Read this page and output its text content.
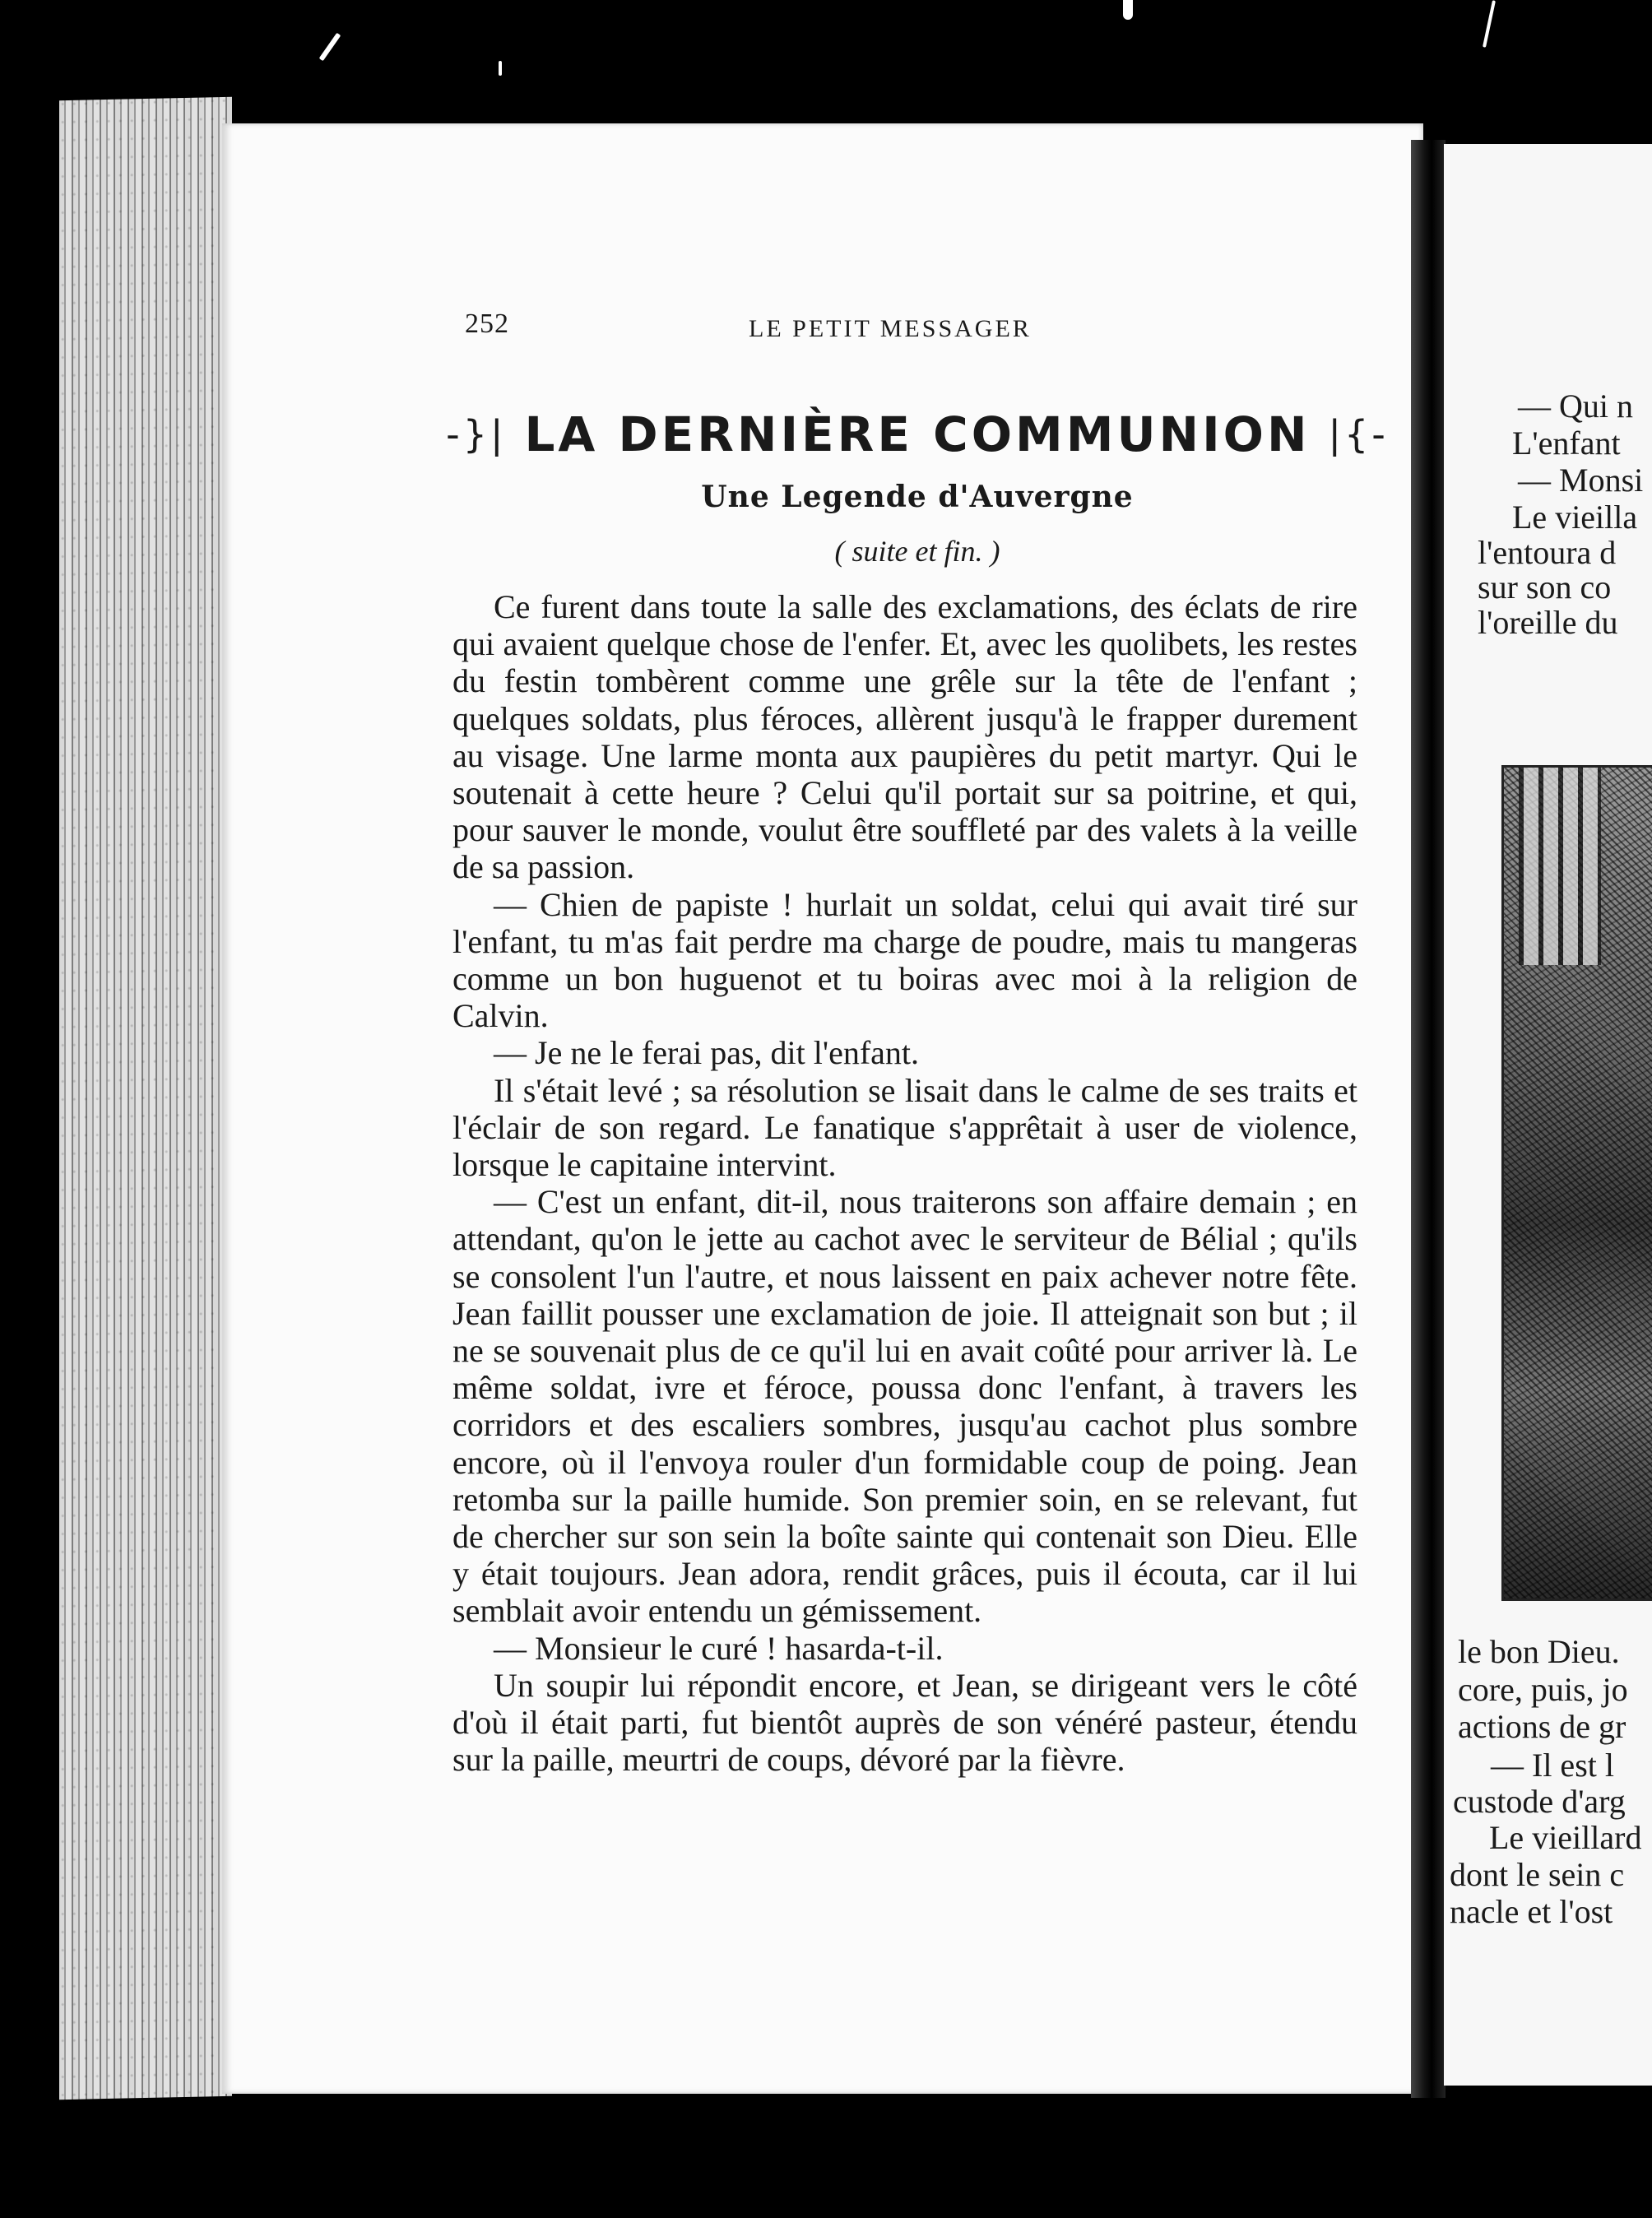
252	LE PETIT MESSAGER
-}| LA DERNIÈRE COMMUNION |{-
Une Legende d'Auvergne
( suite et fin. )

Ce furent dans toute la salle des exclamations, des éclats de rire qui avaient quelque chose de l'enfer. Et, avec les quolibets, les restes du festin tombèrent comme une grêle sur la tête de l'enfant ; quelques soldats, plus féroces, allèrent jusqu'à le frapper durement au visage. Une larme monta aux paupières du petit martyr. Qui le soutenait à cette heure ? Celui qu'il portait sur sa poitrine, et qui, pour sauver le monde, voulut être souffleté par des valets à la veille de sa passion.

— Chien de papiste ! hurlait un soldat, celui qui avait tiré sur l'enfant, tu m'as fait perdre ma charge de poudre, mais tu mangeras comme un bon huguenot et tu boiras avec moi à la religion de Calvin.

— Je ne le ferai pas, dit l'enfant.

Il s'était levé ; sa résolution se lisait dans le calme de ses traits et l'éclair de son regard. Le fanatique s'apprêtait à user de violence, lorsque le capitaine intervint.

— C'est un enfant, dit-il, nous traiterons son affaire demain ; en attendant, qu'on le jette au cachot avec le serviteur de Bélial ; qu'ils se consolent l'un l'autre, et nous laissent en paix achever notre fête. Jean faillit pousser une exclamation de joie. Il atteignait son but ; il ne se souvenait plus de ce qu'il lui en avait coûté pour arriver là. Le même soldat, ivre et féroce, poussa donc l'enfant, à travers les corridors et des escaliers sombres, jusqu'au cachot plus sombre encore, où il l'envoya rouler d'un formidable coup de poing. Jean retomba sur la paille humide. Son premier soin, en se relevant, fut de chercher sur son sein la boîte sainte qui contenait son Dieu. Elle y était toujours. Jean adora, rendit grâces, puis il écouta, car il lui semblait avoir entendu un gémissement.

— Monsieur le curé ! hasarda-t-il.

Un soupir lui répondit encore, et Jean, se dirigeant vers le côté d'où il était parti, fut bientôt auprès de son vénéré pasteur, étendu sur la paille, meurtri de coups, dévoré par la fièvre.

— Qui n
L'enfant
— Monsi
Le vieilla
l'entoura d
sur son co
l'oreille du
le bon Dieu.
core, puis, jo
actions de gr
— Il est l
custode d'arg
Le vieillard
dont le sein c
nacle et l'ost
